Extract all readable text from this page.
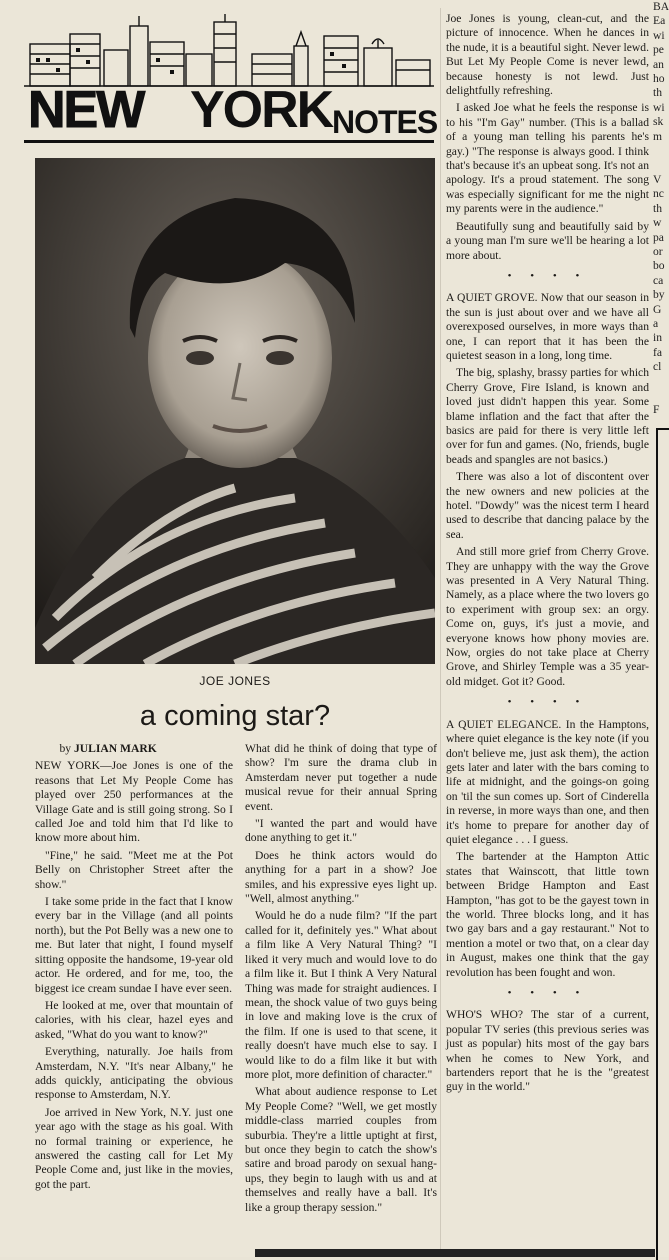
NEW YORK NOTES
JOE JONES
a coming star?

by JULIAN MARK

NEW YORK—Joe Jones is one of the reasons that Let My People Come has played over 250 performances at the Village Gate and is still going strong. So I called Joe and told him that I'd like to know more about him.

"Fine," he said. "Meet me at the Pot Belly on Christopher Street after the show."

I take some pride in the fact that I know every bar in the Village (and all points north), but the Pot Belly was a new one to me. But later that night, I found myself sitting opposite the handsome, 19-year old actor. He ordered, and for me, too, the biggest ice cream sundae I have ever seen.

He looked at me, over that mountain of calories, with his clear, hazel eyes and asked, "What do you want to know?"

Everything, naturally. Joe hails from Amsterdam, N.Y. "It's near Albany," he adds quickly, anticipating the obvious response to Amsterdam, N.Y.

Joe arrived in New York, N.Y. just one year ago with the stage as his goal. With no formal training or experience, he answered the casting call for Let My People Come and, just like in the movies, got the part.

What did he think of doing that type of show? I'm sure the drama club in Amsterdam never put together a nude musical revue for their annual Spring event.

"I wanted the part and would have done anything to get it."

Does he think actors would do anything for a part in a show? Joe smiles, and his expressive eyes light up. "Well, almost anything."

Would he do a nude film? "If the part called for it, definitely yes." What about a film like A Very Natural Thing? "I liked it very much and would love to do a film like it. But I think A Very Natural Thing was made for straight audiences. I mean, the shock value of two guys being in love and making love is the crux of the film. If one is used to that scene, it really doesn't have much else to say. I would like to do a film like it but with more plot, more definition of character."

What about audience response to Let My People Come? "Well, we get mostly middle-class married couples from suburbia. They're a little uptight at first, but once they begin to catch the show's satire and broad parody on sexual hang-ups, they begin to laugh with us and at themselves and really have a ball. It's like a group therapy session."

Joe Jones is young, clean-cut, and the picture of innocence. When he dances in the nude, it is a beautiful sight. Never lewd. But Let My People Come is never lewd, because honesty is not lewd. Just delightfully refreshing.

I asked Joe what he feels the response is to his "I'm Gay" number. (This is a ballad of a young man telling his parents he's gay.) "The response is always good. I think that's because it's an upbeat song. It's not an apology. It's a proud statement. The song was especially significant for me the night my parents were in the audience."

Beautifully sung and beautifully said by a young man I'm sure we'll be hearing a lot more about.

• • • •

A QUIET GROVE. Now that our season in the sun is just about over and we have all overexposed ourselves, in more ways than one, I can report that it has been the quietest season in a long, long time.

The big, splashy, brassy parties for which Cherry Grove, Fire Island, is known and loved just didn't happen this year. Some blame inflation and the fact that after the basics are paid for there is very little left over for fun and games. (No, friends, bugle beads and spangles are not basics.)

There was also a lot of discontent over the new owners and new policies at the hotel. "Dowdy" was the nicest term I heard used to describe that dancing palace by the sea.

And still more grief from Cherry Grove. They are unhappy with the way the Grove was presented in A Very Natural Thing. Namely, as a place where the two lovers go to experiment with group sex: an orgy. Come on, guys, it's just a movie, and everyone knows how phony movies are. Now, orgies do not take place at Cherry Grove, and Shirley Temple was a 35 year-old midget. Got it? Good.

• • • •

A QUIET ELEGANCE. In the Hamptons, where quiet elegance is the key note (if you don't believe me, just ask them), the action gets later and later with the bars coming to life at midnight, and the goings-on going on 'til the sun comes up. Sort of Cinderella in reverse, in more ways than one, and then it's home to prepare for another day of quiet elegance . . . I guess.

The bartender at the Hampton Attic states that Wainscott, that little town between Bridge Hampton and East Hampton, "has got to be the gayest town in the world. Three blocks long, and it has two gay bars and a gay restaurant." Not to mention a motel or two that, on a clear day in August, makes one think that the gay revolution has been fought and won.

• • • •

WHO'S WHO? The star of a current, popular TV series (this previous series was just as popular) hits most of the gay bars when he comes to New York, and bartenders report that he is the "greatest guy in the world."

BA
Ea
wi
pe
an
ho
th
wi
sk
m

V
nc
th
w
pa
or
bo
ca
by
G
a
in
fa
cl

F
